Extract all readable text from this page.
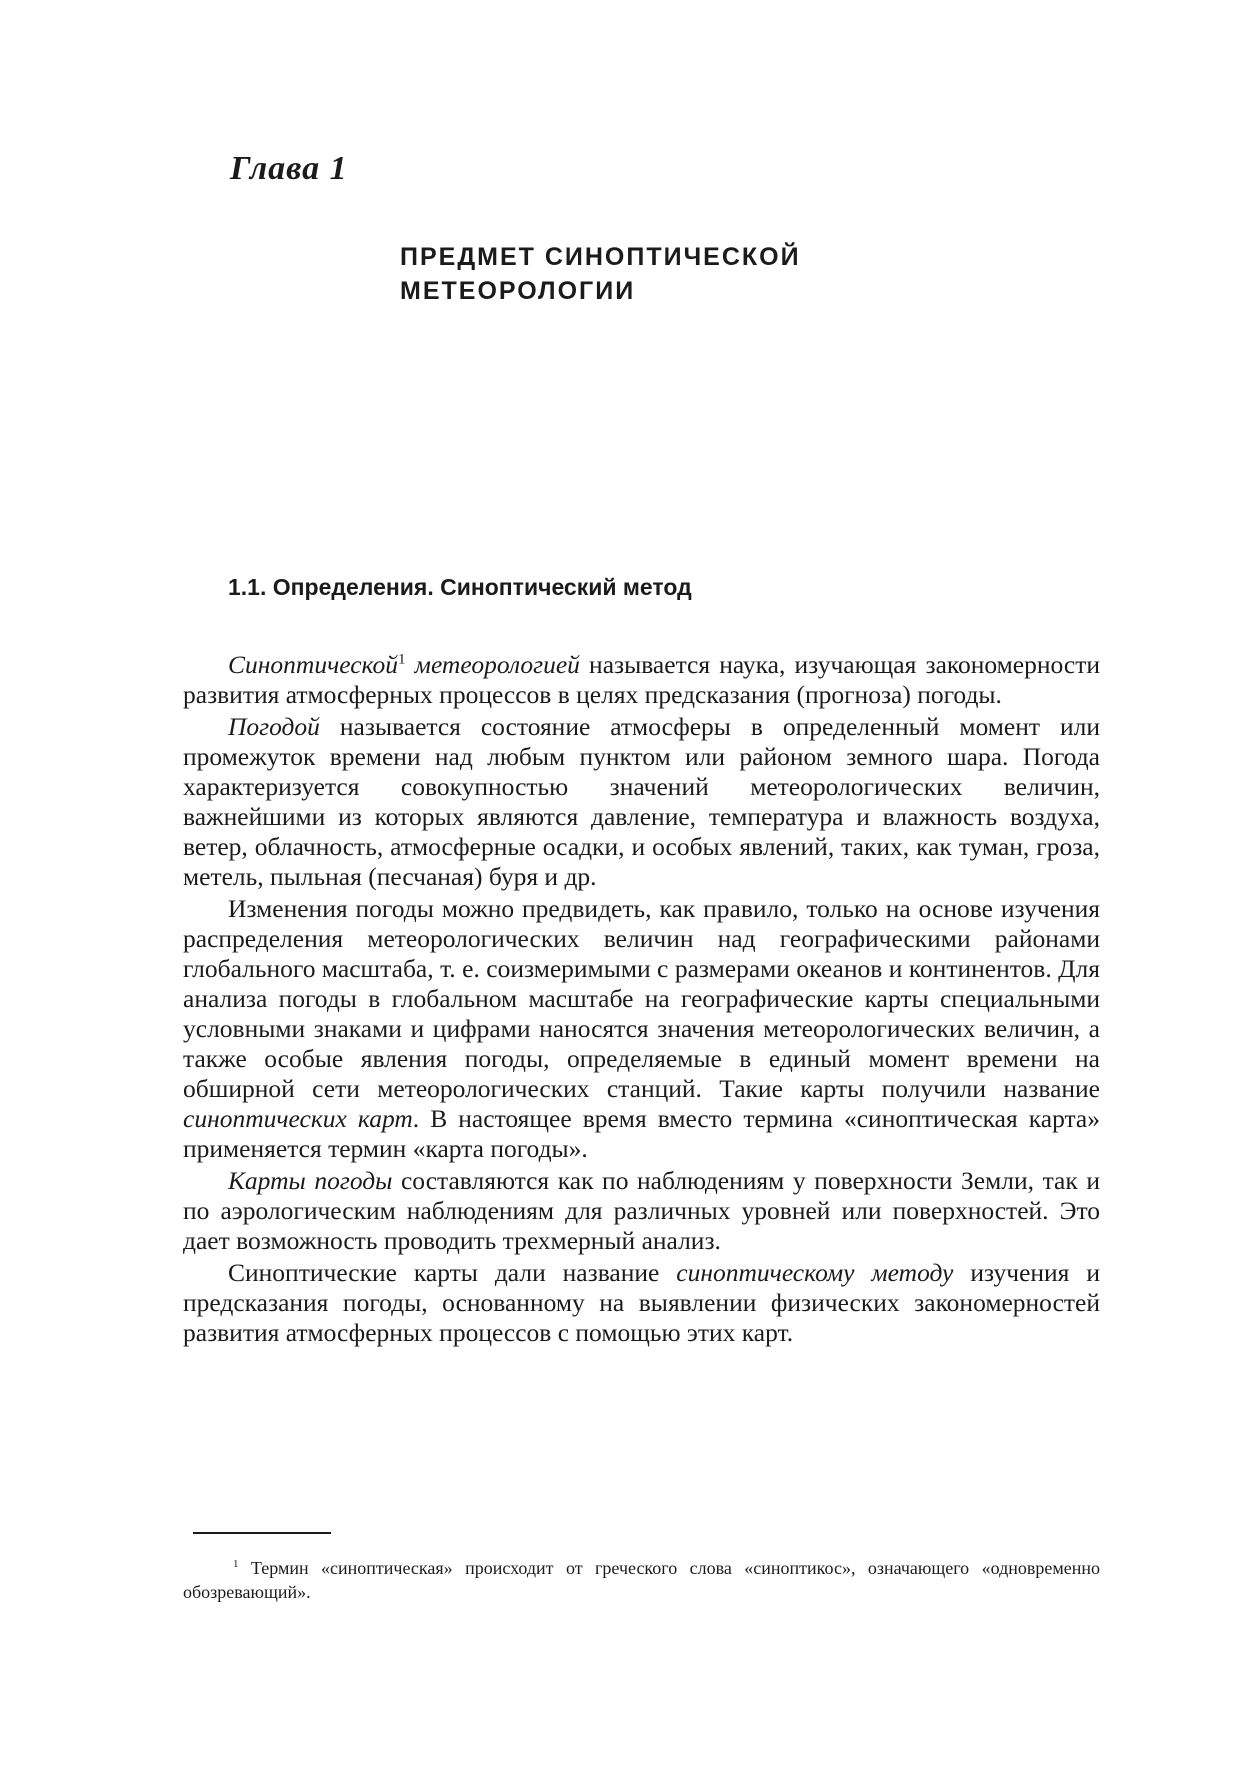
Глава 1
ПРЕДМЕТ СИНОПТИЧЕСКОЙ
МЕТЕОРОЛОГИИ
1.1. Определения. Синоптический метод

Синоптической$^1$ метеорологией называется наука, изучающая закономерности развития атмосферных процессов в целях предсказания (прогноза) погоды.

Погодой называется состояние атмосферы в определенный момент или промежуток времени над любым пунктом или районом земного шара. Погода характеризуется совокупностью значений метеорологических величин, важнейшими из которых являются давление, температура и влажность воздуха, ветер, облачность, атмосферные осадки, и особых явлений, таких, как туман, гроза, метель, пыльная (песчаная) буря и др.

Изменения погоды можно предвидеть, как правило, только на основе изучения распределения метеорологических величин над географическими районами глобального масштаба, т. е. соизмеримыми с размерами океанов и континентов. Для анализа погоды в глобальном масштабе на географические карты специальными условными знаками и цифрами наносятся значения метеорологических величин, а также особые явления погоды, определяемые в единый момент времени на обширной сети метеорологических станций. Такие карты получили название синоптических карт. В настоящее время вместо термина «синоптическая карта» применяется термин «карта погоды».

Карты погоды составляются как по наблюдениям у поверхности Земли, так и по аэрологическим наблюдениям для различных уровней или поверхностей. Это дает возможность проводить трехмерный анализ.

Синоптические карты дали название синоптическому методу изучения и предсказания погоды, основанному на выявлении физических закономерностей развития атмосферных процессов с помощью этих карт.

$^1$ Термин «синоптическая» происходит от греческого слова «синоптикос», означающего «одновременно обозревающий».
